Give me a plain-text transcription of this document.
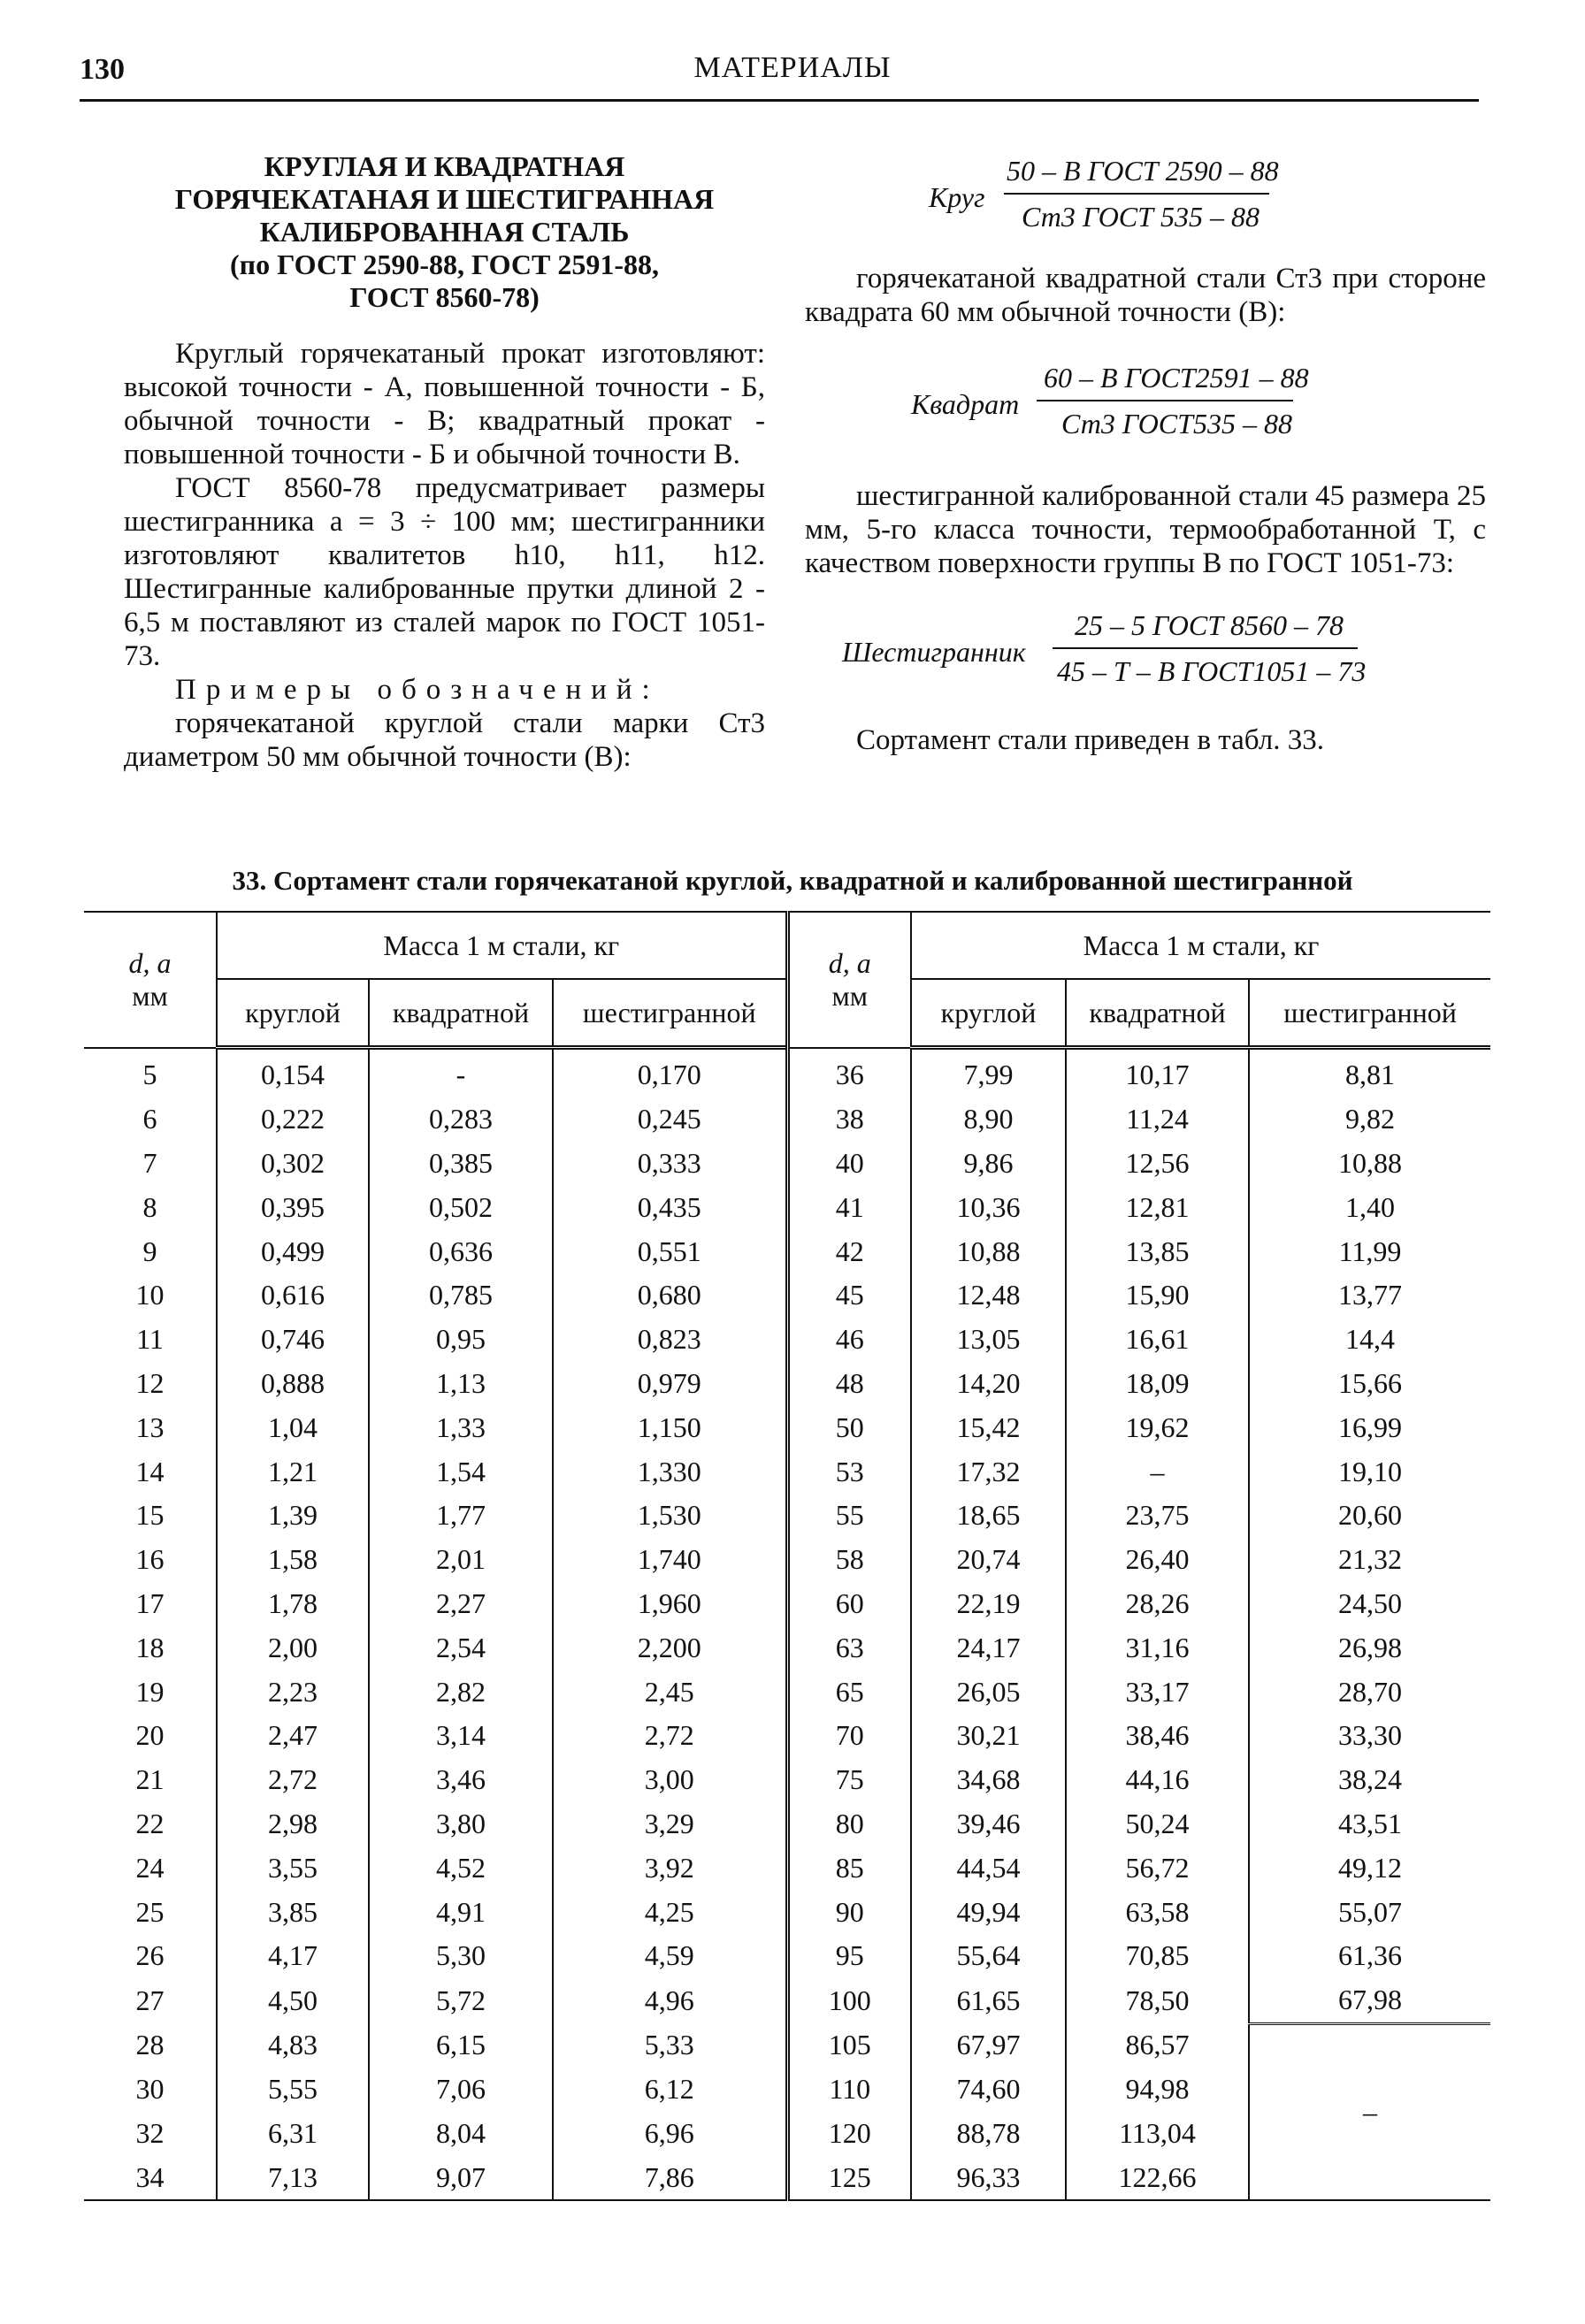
130	МАТЕРИАЛЫ
КРУГЛАЯ И КВАДРАТНАЯ
ГОРЯЧЕКАТАНАЯ И ШЕСТИГРАННАЯ
КАЛИБРОВАННАЯ СТАЛЬ
(по ГОСТ 2590-88, ГОСТ 2591-88,
ГОСТ 8560-78)

Круглый горячекатаный прокат изготовляют: высокой точности - А, повышенной точности - Б, обычной точности - В; квадратный прокат - повышенной точности - Б и обычной точности В.

ГОСТ 8560-78 предусматривает размеры шестигранника a = 3 ÷ 100 мм; шестигранники изготовляют квалитетов h10, h11, h12. Шестигранные калиброванные прутки длиной 2 - 6,5 м поставляют из сталей марок по ГОСТ 1051-73.

Примеры обозначений:

горячекатаной круглой стали марки Ст3 диаметром 50 мм обычной точности (В):

Круг
50 – В ГОСТ 2590 – 88
Ст3 ГОСТ 535 – 88

горячекатаной квадратной стали Ст3 при стороне квадрата 60 мм обычной точности (В):

Квадрат
60 – В ГОСТ2591 – 88
Ст3 ГОСТ535 – 88

шестигранной калиброванной стали 45 размера 25 мм, 5-го класса точности, термообработанной Т, с качеством поверхности группы В по ГОСТ 1051-73:

Шестигранник
25 – 5 ГОСТ 8560 – 78
45 – Т – В ГОСТ1051 – 73

Сортамент стали приведен в табл. 33.

33. Сортамент стали горячекатаной круглой, квадратной и калиброванной шестигранной
d, a
мм	Масса 1 м стали, кг			d, a
мм	Масса 1 м стали, кг		
	круглой	квадратной	шестигранной		круглой	квадратной	шестигранной
5	0,154	-	0,170	36	7,99	10,17	8,81
6	0,222	0,283	0,245	38	8,90	11,24	9,82
7	0,302	0,385	0,333	40	9,86	12,56	10,88
8	0,395	0,502	0,435	41	10,36	12,81	1,40
9	0,499	0,636	0,551	42	10,88	13,85	11,99
10	0,616	0,785	0,680	45	12,48	15,90	13,77
11	0,746	0,95	0,823	46	13,05	16,61	14,4
12	0,888	1,13	0,979	48	14,20	18,09	15,66
13	1,04	1,33	1,150	50	15,42	19,62	16,99
14	1,21	1,54	1,330	53	17,32	–	19,10
15	1,39	1,77	1,530	55	18,65	23,75	20,60
16	1,58	2,01	1,740	58	20,74	26,40	21,32
17	1,78	2,27	1,960	60	22,19	28,26	24,50
18	2,00	2,54	2,200	63	24,17	31,16	26,98
19	2,23	2,82	2,45	65	26,05	33,17	28,70
20	2,47	3,14	2,72	70	30,21	38,46	33,30
21	2,72	3,46	3,00	75	34,68	44,16	38,24
22	2,98	3,80	3,29	80	39,46	50,24	43,51
24	3,55	4,52	3,92	85	44,54	56,72	49,12
25	3,85	4,91	4,25	90	49,94	63,58	55,07
26	4,17	5,30	4,59	95	55,64	70,85	61,36
27	4,50	5,72	4,96	100	61,65	78,50	67,98
28	4,83	6,15	5,33	105	67,97	86,57	–
30	5,55	7,06	6,12	110	74,60	94,98	
32	6,31	8,04	6,96	120	88,78	113,04	
34	7,13	9,07	7,86	125	96,33	122,66	
